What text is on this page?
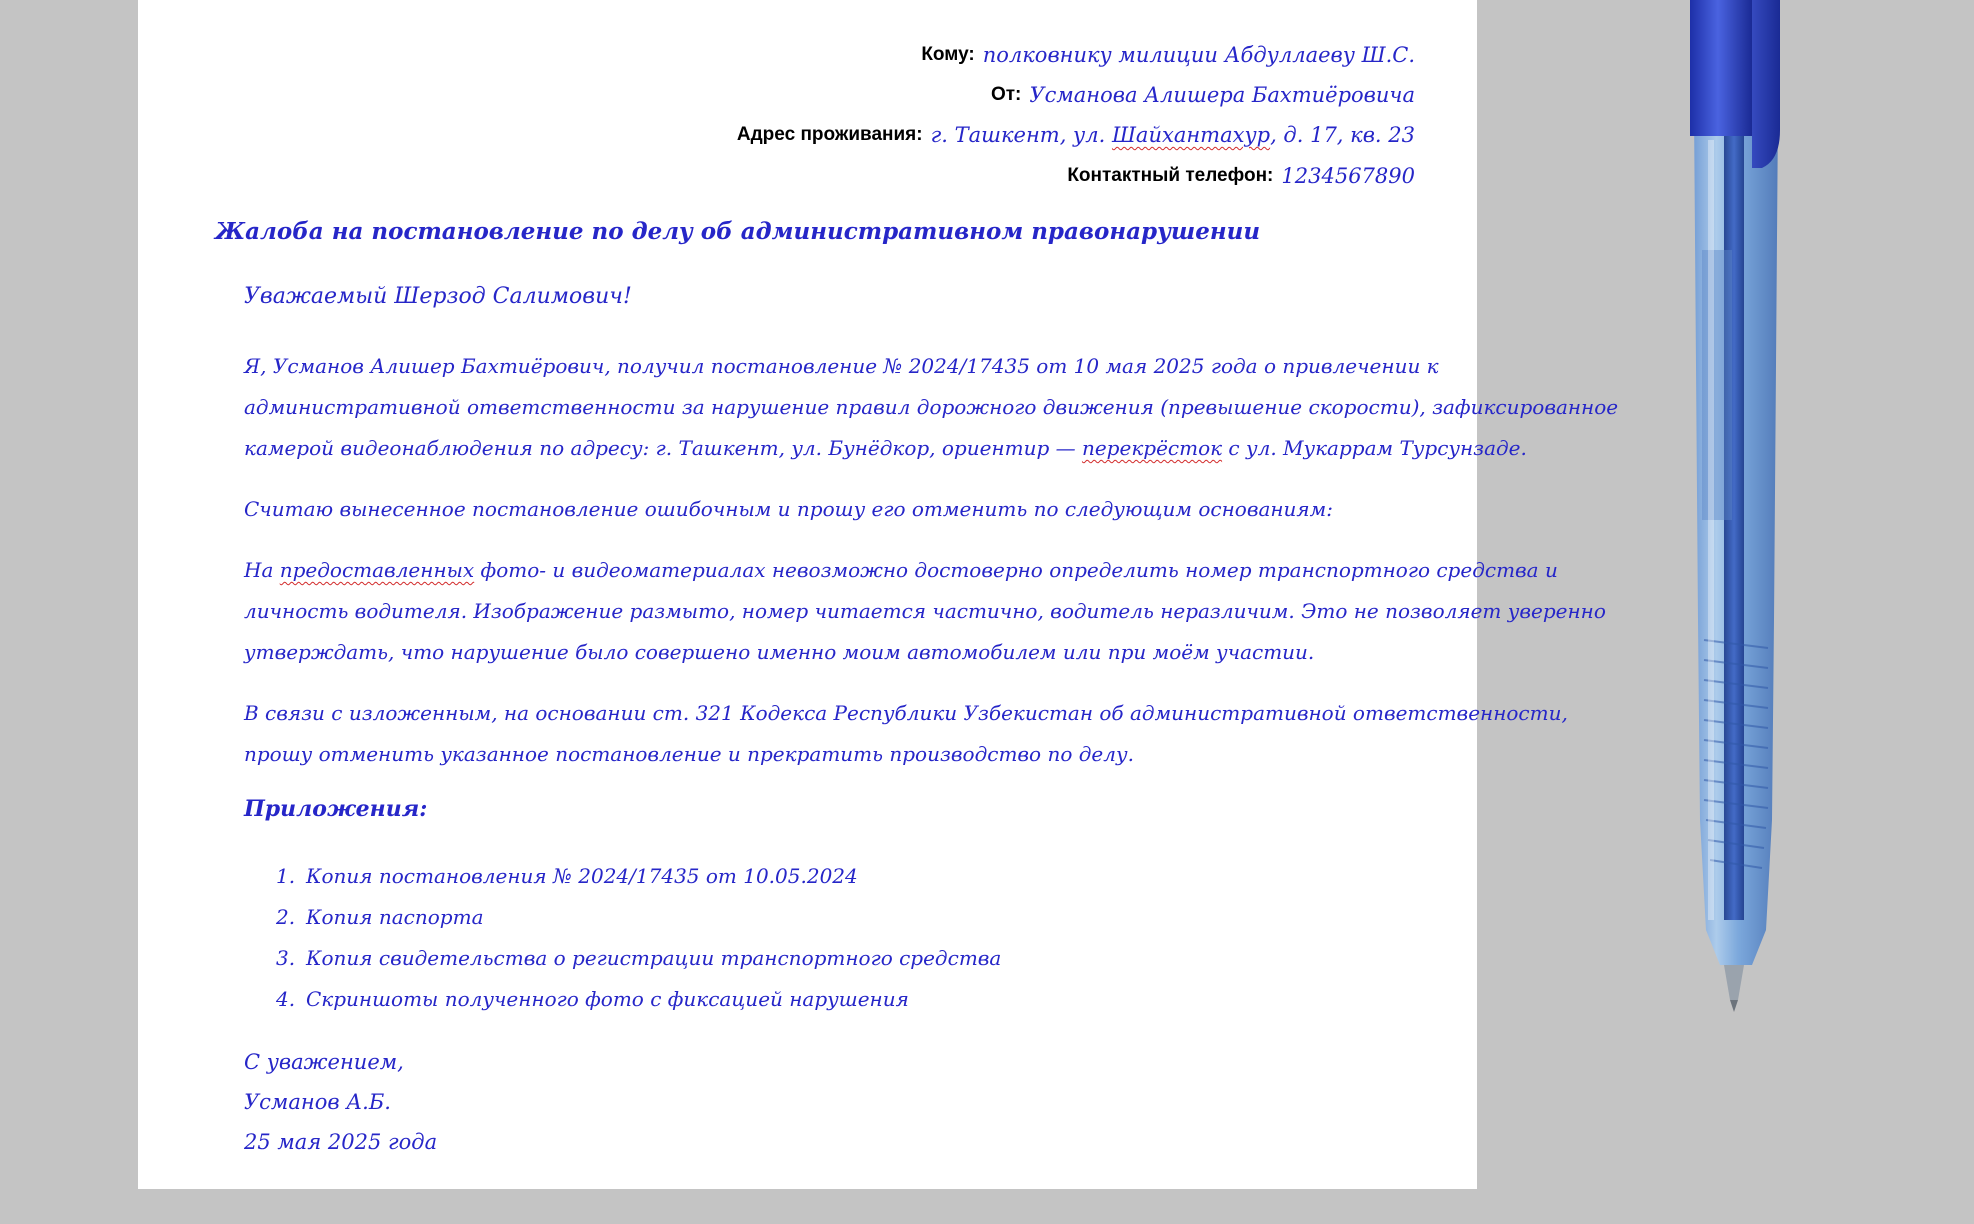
Кому: полковнику милиции Абдуллаеву Ш.С.
От: Усманова Алишера Бахтиёровича
Адрес проживания: г. Ташкент, ул. Шайхантахур, д. 17, кв. 23
Контактный телефон: 1234567890
Жалоба на постановление по делу об административном правонарушении
Уважаемый Шерзод Салимович!
Я, Усманов Алишер Бахтиёрович, получил постановление № 2024/17435 от 10 мая 2025 года о привлечении к
административной ответственности за нарушение правил дорожного движения (превышение скорости), зафиксированное
камерой видеонаблюдения по адресу: г. Ташкент, ул. Бунёдкор, ориентир — перекрёсток с ул. Мукаррам Турсунзаде.
Считаю вынесенное постановление ошибочным и прошу его отменить по следующим основаниям:
На предоставленных фото- и видеоматериалах невозможно достоверно определить номер транспортного средства и
личность водителя. Изображение размыто, номер читается частично, водитель неразличим. Это не позволяет уверенно
утверждать, что нарушение было совершено именно моим автомобилем или при моём участии.
В связи с изложенным, на основании ст. 321 Кодекса Республики Узбекистан об административной ответственности,
прошу отменить указанное постановление и прекратить производство по делу.
Приложения:
1. Копия постановления № 2024/17435 от 10.05.2024
2. Копия паспорта
3. Копия свидетельства о регистрации транспортного средства
4. Скриншоты полученного фото с фиксацией нарушения
С уважением,
Усманов А.Б.
25 мая 2025 года
